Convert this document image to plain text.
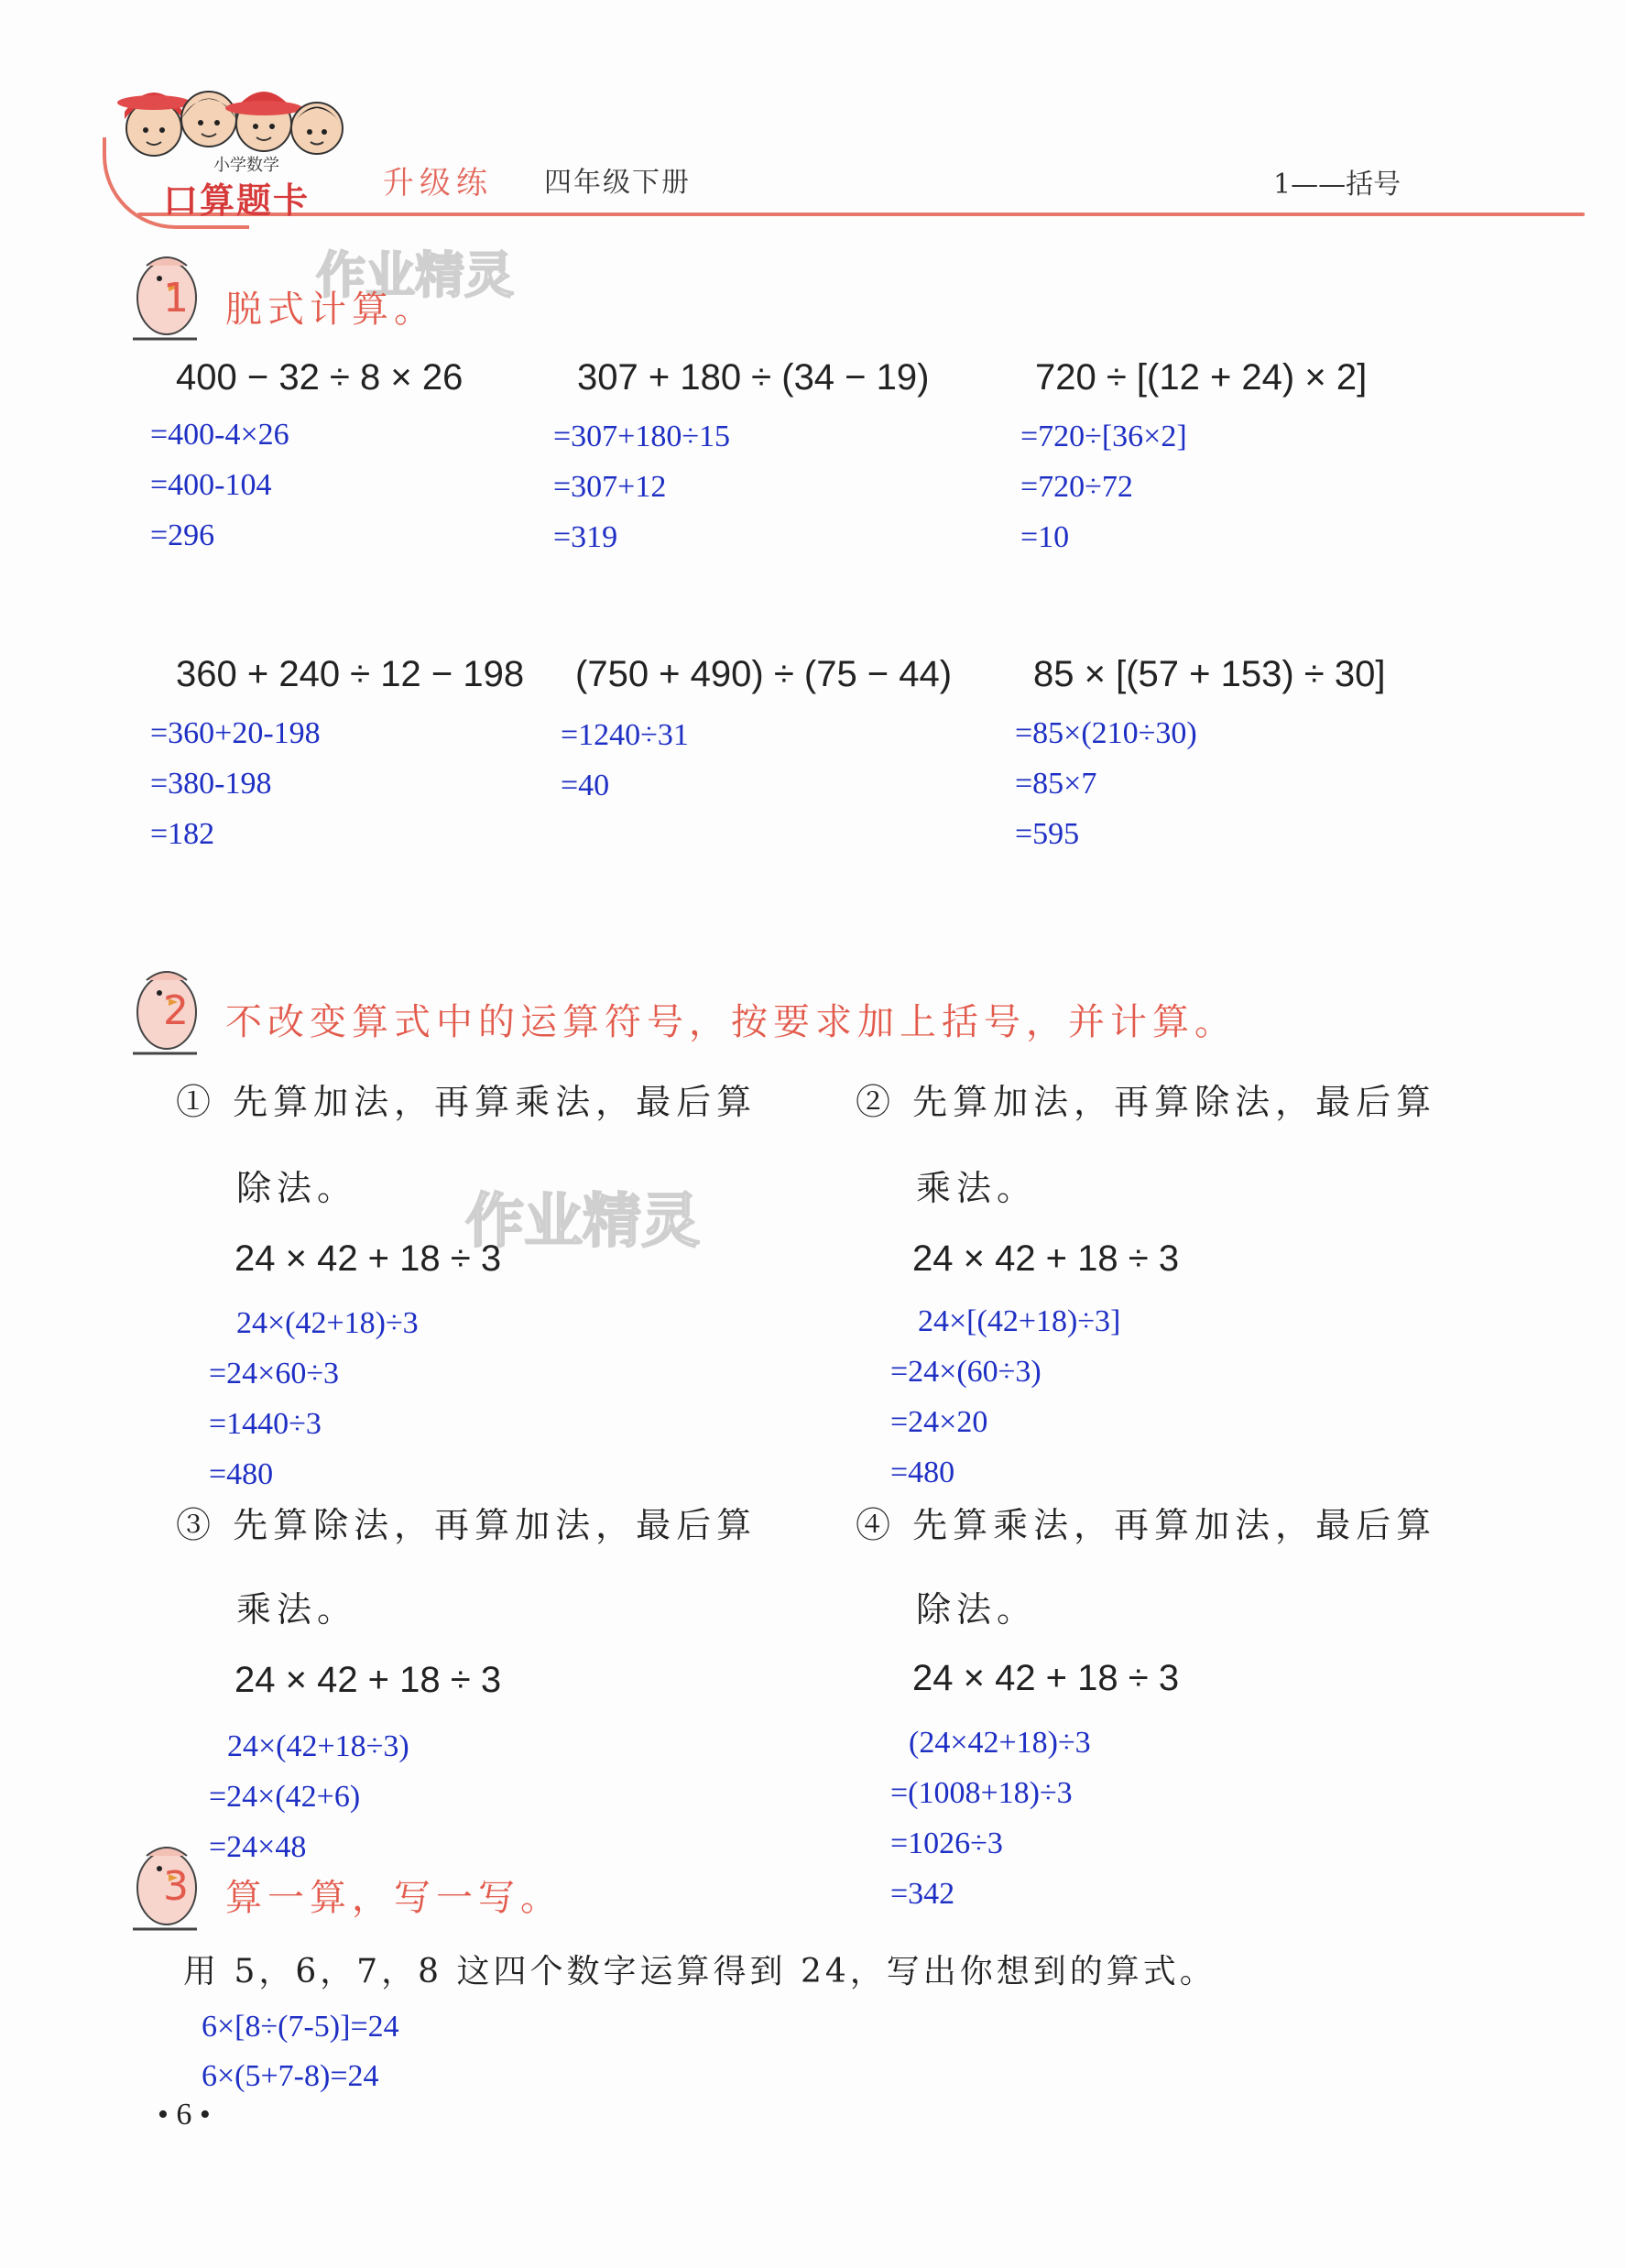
小学数学
口算题卡 升级练 四年级下册	1——括号
作业精灵
作业精灵
1 脱式计算。
400 − 32 ÷ 8 × 26
=400-4×26
=400-104
=296
307 + 180 ÷ (34 − 19)
=307+180÷15
=307+12
=319
720 ÷ [(12 + 24) × 2]
=720÷[36×2]
=720÷72
=10
360 + 240 ÷ 12 − 198
=360+20-198
=380-198
=182
(750 + 490) ÷ (75 − 44)
=1240÷31
=40
85 × [(57 + 153) ÷ 30]
=85×(210÷30)
=85×7
=595
2 不改变算式中的运算符号，按要求加上括号，并计算。
① 先算加法，再算乘法，最后算
除法。
24 × 42 + 18 ÷ 3
24×(42+18)÷3
=24×60÷3
=1440÷3
=480
② 先算加法，再算除法，最后算
乘法。
24 × 42 + 18 ÷ 3
24×[(42+18)÷3]
=24×(60÷3)
=24×20
=480
③ 先算除法，再算加法，最后算
乘法。
24 × 42 + 18 ÷ 3
24×(42+18÷3)
=24×(42+6)
=24×48
④ 先算乘法，再算加法，最后算
除法。
24 × 42 + 18 ÷ 3
(24×42+18)÷3
=(1008+18)÷3
=1026÷3
=342
3 算一算，写一写。
用 5，6，7，8 这四个数字运算得到 24，写出你想到的算式。
6×[8÷(7-5)]=24
6×(5+7-8)=24
• 6 •
